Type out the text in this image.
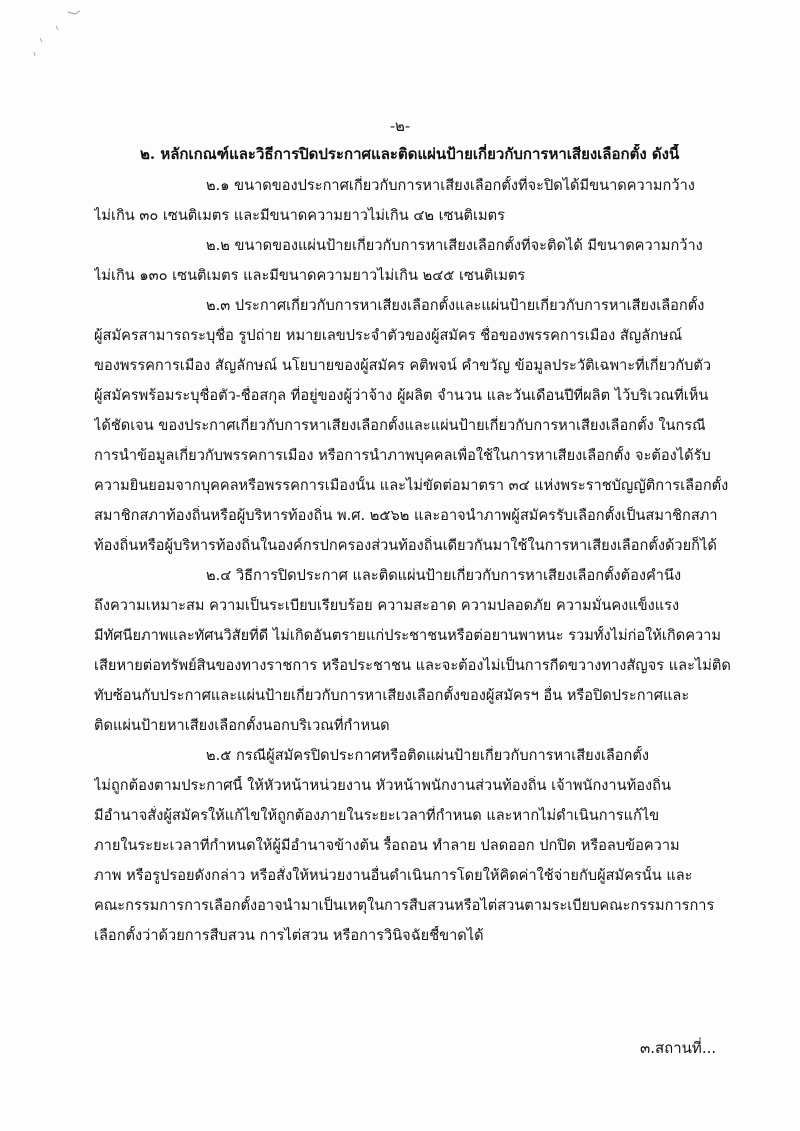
-๒-
๒. หลักเกณฑ์และวิธีการปิดประกาศและติดแผ่นป้ายเกี่ยวกับการหาเสียงเลือกตั้ง ดังนี้
๒.๑ ขนาดของประกาศเกี่ยวกับการหาเสียงเลือกตั้งที่จะปิดได้มีขนาดความกว้าง
ไม่เกิน ๓๐ เซนติเมตร และมีขนาดความยาวไม่เกิน ๔๒ เซนติเมตร
๒.๒ ขนาดของแผ่นป้ายเกี่ยวกับการหาเสียงเลือกตั้งที่จะติดได้ มีขนาดความกว้าง
ไม่เกิน ๑๓๐ เซนติเมตร และมีขนาดความยาวไม่เกิน ๒๔๕ เซนติเมตร
๒.๓ ประกาศเกี่ยวกับการหาเสียงเลือกตั้งและแผ่นป้ายเกี่ยวกับการหาเสียงเลือกตั้ง
ผู้สมัครสามารถระบุชื่อ รูปถ่าย หมายเลขประจำตัวของผู้สมัคร ชื่อของพรรคการเมือง สัญลักษณ์
ของพรรคการเมือง สัญลักษณ์ นโยบายของผู้สมัคร คติพจน์ คำขวัญ ข้อมูลประวัติเฉพาะที่เกี่ยวกับตัว
ผู้สมัครพร้อมระบุชื่อตัว-ชื่อสกุล ที่อยู่ของผู้ว่าจ้าง ผู้ผลิต จำนวน และวันเดือนปีที่ผลิต ไว้บริเวณที่เห็น
ได้ชัดเจน ของประกาศเกี่ยวกับการหาเสียงเลือกตั้งและแผ่นป้ายเกี่ยวกับการหาเสียงเลือกตั้ง ในกรณี
การนำข้อมูลเกี่ยวกับพรรคการเมือง หรือการนำภาพบุคคลเพื่อใช้ในการหาเสียงเลือกตั้ง จะต้องได้รับ
ความยินยอมจากบุคคลหรือพรรคการเมืองนั้น และไม่ขัดต่อมาตรา ๓๔ แห่งพระราชบัญญัติการเลือกตั้ง
สมาชิกสภาท้องถิ่นหรือผู้บริหารท้องถิ่น พ.ศ. ๒๕๖๒ และอาจนำภาพผู้สมัครรับเลือกตั้งเป็นสมาชิกสภา
ท้องถิ่นหรือผู้บริหารท้องถิ่นในองค์กรปกครองส่วนท้องถิ่นเดียวกันมาใช้ในการหาเสียงเลือกตั้งด้วยก็ได้
๒.๔ วิธีการปิดประกาศ และติดแผ่นป้ายเกี่ยวกับการหาเสียงเลือกตั้งต้องคำนึง
ถึงความเหมาะสม ความเป็นระเบียบเรียบร้อย ความสะอาด ความปลอดภัย ความมั่นคงแข็งแรง
มีทัศนียภาพและทัศนวิสัยที่ดี ไม่เกิดอันตรายแก่ประชาชนหรือต่อยานพาหนะ รวมทั้งไม่ก่อให้เกิดความ
เสียหายต่อทรัพย์สินของทางราชการ หรือประชาชน และจะต้องไม่เป็นการกีดขวางทางสัญจร และไม่ติด
ทับซ้อนกับประกาศและแผ่นป้ายเกี่ยวกับการหาเสียงเลือกตั้งของผู้สมัครฯ อื่น หรือปิดประกาศและ
ติดแผ่นป้ายหาเสียงเลือกตั้งนอกบริเวณที่กำหนด
๒.๕ กรณีผู้สมัครปิดประกาศหรือติดแผ่นป้ายเกี่ยวกับการหาเสียงเลือกตั้ง
ไม่ถูกต้องตามประกาศนี้ ให้หัวหน้าหน่วยงาน หัวหน้าพนักงานส่วนท้องถิ่น เจ้าพนักงานท้องถิ่น
มีอำนาจสั่งผู้สมัครให้แก้ไขให้ถูกต้องภายในระยะเวลาที่กำหนด และหากไม่ดำเนินการแก้ไข
ภายในระยะเวลาที่กำหนดให้ผู้มีอำนาจข้างต้น รื้อถอน ทำลาย ปลดออก ปกปิด หรือลบข้อความ
ภาพ หรือรูปรอยดังกล่าว หรือสั่งให้หน่วยงานอื่นดำเนินการโดยให้คิดค่าใช้จ่ายกับผู้สมัครนั้น และ
คณะกรรมการการเลือกตั้งอาจนำมาเป็นเหตุในการสืบสวนหรือไต่สวนตามระเบียบคณะกรรมการการ
เลือกตั้งว่าด้วยการสืบสวน การไต่สวน หรือการวินิจฉัยชี้ขาดได้
๓.สถานที่...
